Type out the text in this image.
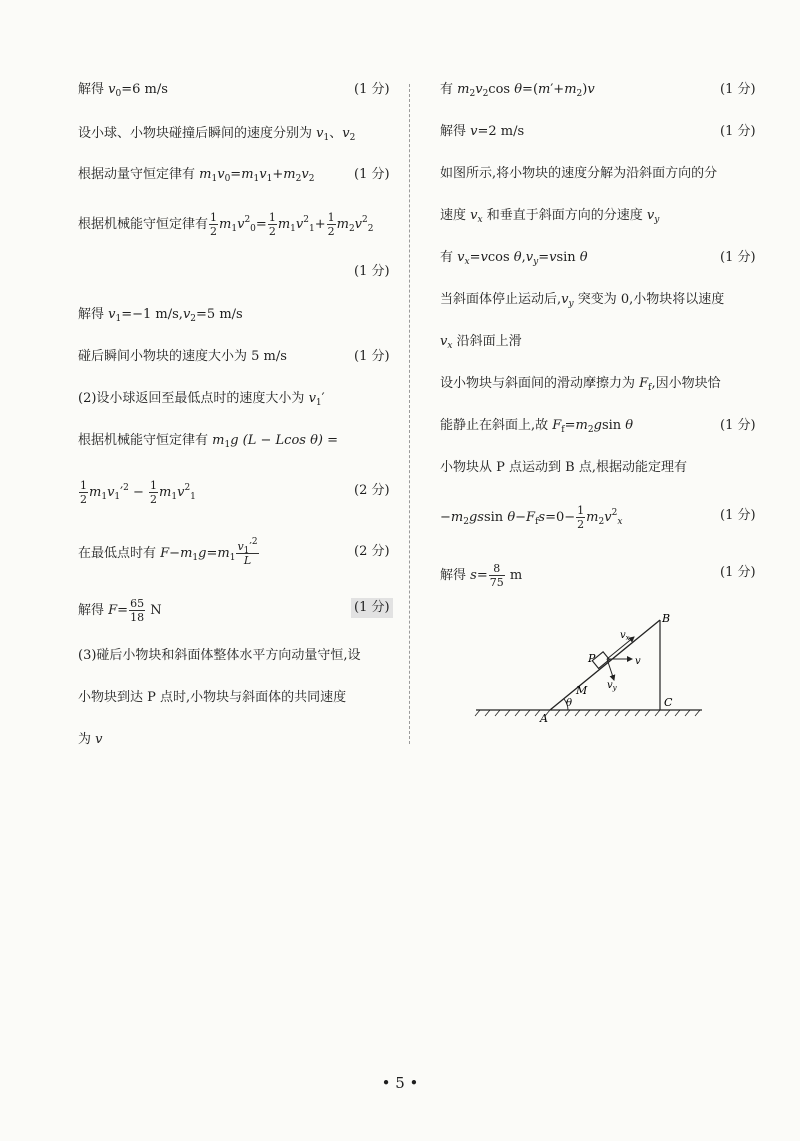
解得 $v_0=6$ m/s	(1 分)
设小球、小物块碰撞后瞬间的速度分别为 $v_1$、$v_2$
根据动量守恒定律有 $m_1v_0=m_1v_1+m_2v_2$	(1 分)
根据机械能守恒定律有 $\frac{1}{2} m_1v^2_0= \frac{1}{2} m_1v^2_1+ \frac{1}{2} m_2v^2_2$
(1 分)
解得 $v_1=-1$ $m/s,v_2=5$ m/s
碰后瞬间小物块的速度大小为 5 m/s	(1 分)
(2)设小球返回至最低点时的速度大小为 $v_1'$
根据机械能守恒定律有 $m_1g$ (L − Lcos θ) =
$\frac{1}{2} m_1v_1'^2 - \frac{1}{2} m_1v^2_1$	(2 分)
在最低点时有 $F-m_1g=m_1 \frac{v_1'^2}{L}$	(2 分)
解得 $F= \frac{65}{18}$ N	(1 分)
(3)碰后小物块和斜面体整体水平方向动量守恒,设
小物块到达 P 点时,小物块与斜面体的共同速度
为 v
有 $m_2v_2\cos$ $\theta=(m'+m_2)v$	(1 分)
解得 v=2 m/s	(1 分)
如图所示,将小物块的速度分解为沿斜面方向的分
速度 $v_x$ 和垂直于斜面方向的分速度 $v_y$
有 $v_x=vcos$ $\theta,v_y=vsin$ θ	(1 分)
当斜面体停止运动后$,v_y$ 突变为 0,小物块将以速度
$v_x$ 沿斜面上滑
设小物块与斜面间的滑动摩擦力为 $F_f$,因小物块恰
能静止在斜面上,故 $F_f=m_2gsin$ θ	(1 分)
小物块从 P 点运动到 B 点,根据动能定理有
$-m_2gssin$ $\theta-F_fs=0- \frac{1}{2} m_2v^2_x$	(1 分)
解得 $s= \frac{8}{75}$ m	(1 分)
B
C
A
M
P
θ
$v_x$
v
$v_y$
• 5 •
